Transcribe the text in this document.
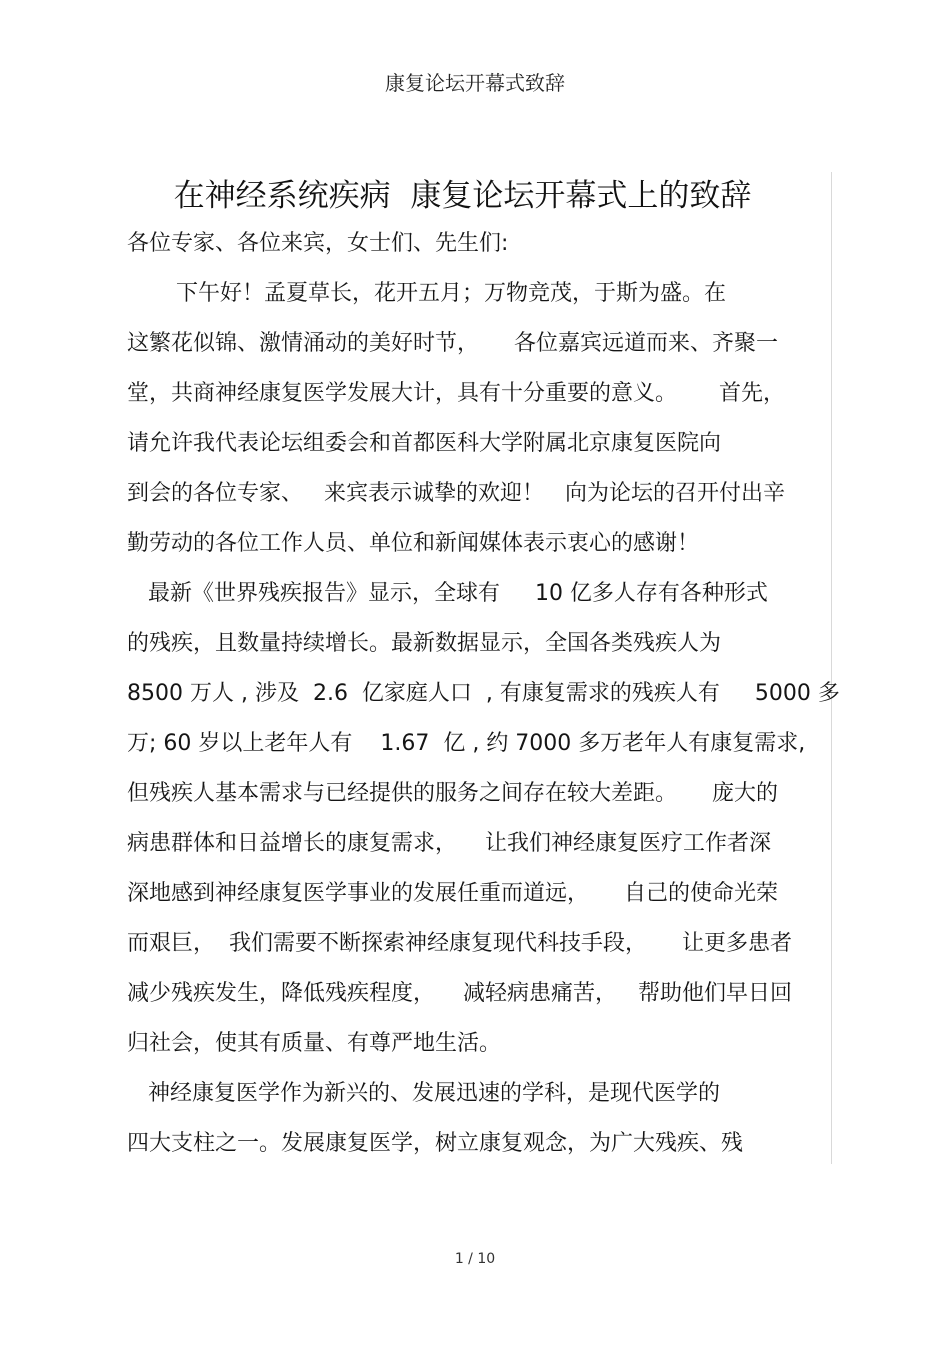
康复论坛开幕式致辞
在神经系统疾病  康复论坛开幕式上的致辞
各位专家、各位来宾，女士们、先生们:
下午好！孟夏草长，花开五月；万物竞茂，于斯为盛。在
这繁花似锦、激情涌动的美好时节，     各位嘉宾远道而来、齐聚一
堂，共商神经康复医学发展大计，具有十分重要的意义。      首先，
请允许我代表论坛组委会和首都医科大学附属北京康复医院向
到会的各位专家、   来宾表示诚挚的欢迎！   向为论坛的召开付出辛
勤劳动的各位工作人员、单位和新闻媒体表示衷心的感谢！
最新《世界残疾报告》显示，全球有     10 亿多人存有各种形式
的残疾，且数量持续增长。最新数据显示，全国各类残疾人为
8500 万人 , 涉及  2.6  亿家庭人口  , 有康复需求的残疾人有     5000 多
万; 60 岁以上老年人有    1.67  亿 , 约 7000 多万老年人有康复需求,
但残疾人基本需求与已经提供的服务之间存在较大差距。     庞大的
病患群体和日益增长的康复需求，    让我们神经康复医疗工作者深
深地感到神经康复医学事业的发展任重而道远，     自己的使命光荣
而艰巨，  我们需要不断探索神经康复现代科技手段，     让更多患者
减少残疾发生，降低残疾程度，    减轻病患痛苦，   帮助他们早日回
归社会，使其有质量、有尊严地生活。
神经康复医学作为新兴的、发展迅速的学科，是现代医学的
四大支柱之一。发展康复医学，树立康复观念，为广大残疾、残
1 / 10
